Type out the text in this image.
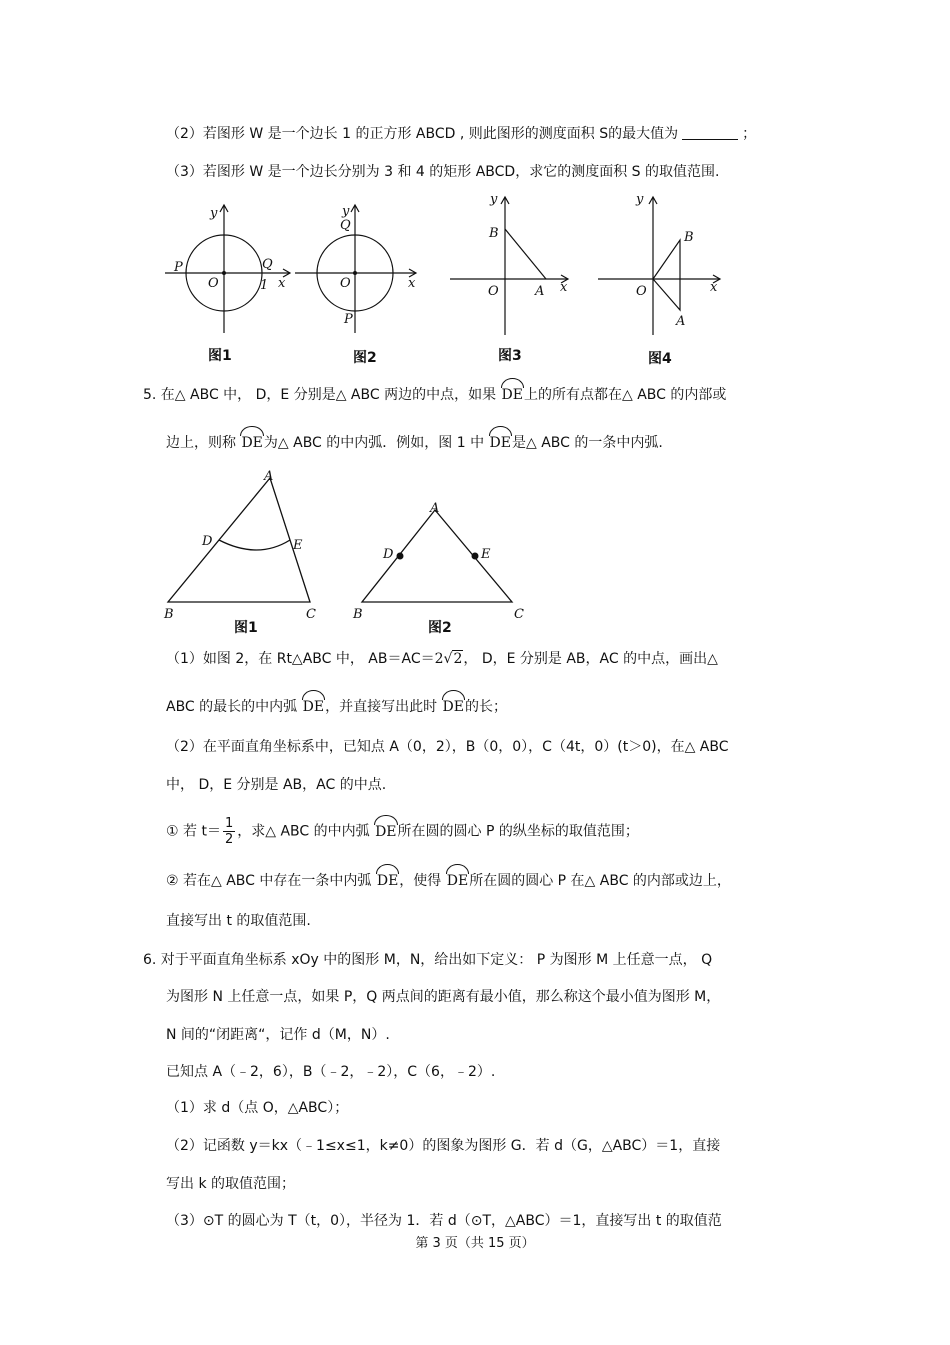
（2）若图形 W 是一个边长 1 的正方形 ABCD , 则此图形的测度面积 S的最大值为	；
（3）若图形 W 是一个边长分别为 3 和 4 的矩形 ABCD，求它的测度面积 S 的取值范围.
y
O
P	Q
1 x
图1
y
Q
O
P
x
图2
y
B
O	A x
图3
y
B
O
A
x
图4
5. 在△ ABC 中， D，E 分别是△ ABC 两边的中点，如果 DE上的所有点都在△ ABC 的内部或
边上，则称 DE为△ ABC 的中内弧．例如，图 1 中 DE是△ ABC 的一条中内弧.
A
B	C
D	E
图1
A
B	C
D	E
图2
（1）如图 2，在 Rt△ABC 中， AB＝AC＝2√2， D，E 分别是 AB，AC 的中点，画出△
ABC 的最长的中内弧 DE，并直接写出此时 DE的长；
（2）在平面直角坐标系中，已知点 A（0，2），B（0，0），C（4t，0）(t＞0)，在△ ABC
中， D，E 分别是 AB，AC 的中点.
① 若 $t= \frac{1}{2}$ ，求△ ABC 的中内弧 DE所在圆的圆心 P 的纵坐标的取值范围；
② 若在△ ABC 中存在一条中内弧 DE，使得 DE所在圆的圆心 P 在△ ABC 的内部或边上，
直接写出 t 的取值范围.
6. 对于平面直角坐标系 xOy 中的图形 M，N，给出如下定义： P 为图形 M 上任意一点， Q
为图形 N 上任意一点，如果 P，Q 两点间的距离有最小值，那么称这个最小值为图形 M，
N 间的“闭距离“，记作 d（M，N）.
已知点 A（﹣2，6），B（﹣2，﹣2），C（6，﹣2）.
（1）求 d（点 O，△ABC）；
（2）记函数 y＝kx（﹣1≤x≤1，k≠0）的图象为图形 G．若 d（G，△ABC）＝1，直接
写出 k 的取值范围；
（3）⊙T 的圆心为 T（t，0），半径为 1．若 d（⊙T，△ABC）＝1，直接写出 t 的取值范
第 3 页（共 15 页）
